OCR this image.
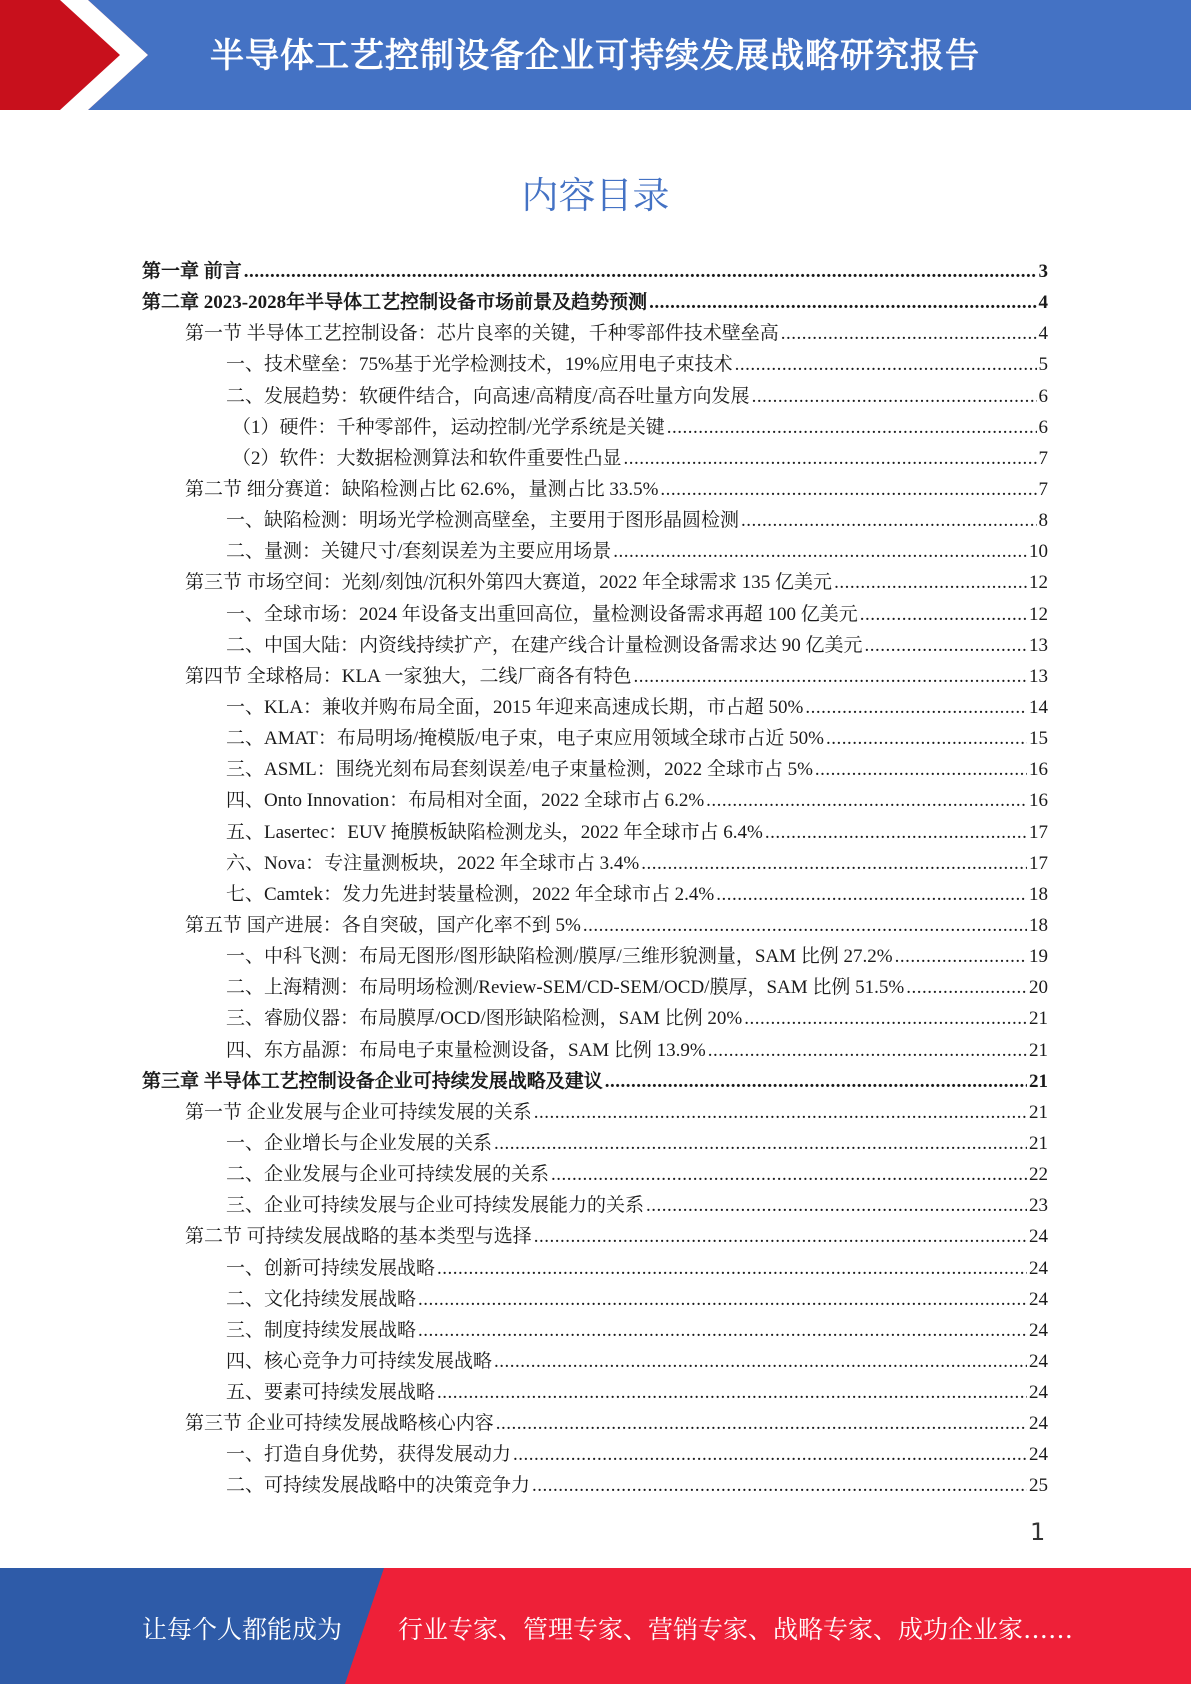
半导体工艺控制设备企业可持续发展战略研究报告
内容目录
第一章 前言 .....	3
第二章 2023-2028年半导体工艺控制设备市场前景及趋势预测 .....	4
第一节 半导体工艺控制设备：芯片良率的关键，千种零部件技术壁垒高 .....	4
一、技术壁垒：75%基于光学检测技术，19%应用电子束技术 .....	5
二、发展趋势：软硬件结合，向高速/高精度/高吞吐量方向发展 .....	6
（1）硬件：千种零部件，运动控制/光学系统是关键 .....	6
（2）软件：大数据检测算法和软件重要性凸显 .....	7
第二节 细分赛道：缺陷检测占比 62.6%，量测占比 33.5% .....	7
一、缺陷检测：明场光学检测高壁垒，主要用于图形晶圆检测 .....	8
二、量测：关键尺寸/套刻误差为主要应用场景 .....	10
第三节 市场空间：光刻/刻蚀/沉积外第四大赛道，2022 年全球需求 135 亿美元 .....	12
一、全球市场：2024 年设备支出重回高位，量检测设备需求再超 100 亿美元 .....	12
二、中国大陆：内资线持续扩产，在建产线合计量检测设备需求达 90 亿美元 .....	13
第四节 全球格局：KLA 一家独大，二线厂商各有特色 .....	13
一、KLA：兼收并购布局全面，2015 年迎来高速成长期，市占超 50% .....	14
二、AMAT：布局明场/掩模版/电子束，电子束应用领域全球市占近 50% .....	15
三、ASML：围绕光刻布局套刻误差/电子束量检测，2022 全球市占 5% .....	16
四、Onto Innovation：布局相对全面，2022 全球市占 6.2% .....	16
五、Lasertec：EUV 掩膜板缺陷检测龙头，2022 年全球市占 6.4% .....	17
六、Nova：专注量测板块，2022 年全球市占 3.4% .....	17
七、Camtek：发力先进封装量检测，2022 年全球市占 2.4% .....	18
第五节 国产进展：各自突破，国产化率不到 5% .....	18
一、中科飞测：布局无图形/图形缺陷检测/膜厚/三维形貌测量，SAM 比例 27.2% .....	19
二、上海精测：布局明场检测/Review-SEM/CD-SEM/OCD/膜厚，SAM 比例 51.5% .....	20
三、睿励仪器：布局膜厚/OCD/图形缺陷检测，SAM 比例 20% .....	21
四、东方晶源：布局电子束量检测设备，SAM 比例 13.9% .....	21
第三章 半导体工艺控制设备企业可持续发展战略及建议 .....	21
第一节 企业发展与企业可持续发展的关系 .....	21
一、企业增长与企业发展的关系 .....	21
二、企业发展与企业可持续发展的关系 .....	22
三、企业可持续发展与企业可持续发展能力的关系 .....	23
第二节 可持续发展战略的基本类型与选择 .....	24
一、创新可持续发展战略 .....	24
二、文化持续发展战略 .....	24
三、制度持续发展战略 .....	24
四、核心竞争力可持续发展战略 .....	24
五、要素可持续发展战略 .....	24
第三节 企业可持续发展战略核心内容 .....	24
一、打造自身优势，获得发展动力 .....	24
二、可持续发展战略中的决策竞争力 .....	25
1
让每个人都能成为 行业专家、管理专家、营销专家、战略专家、成功企业家……
